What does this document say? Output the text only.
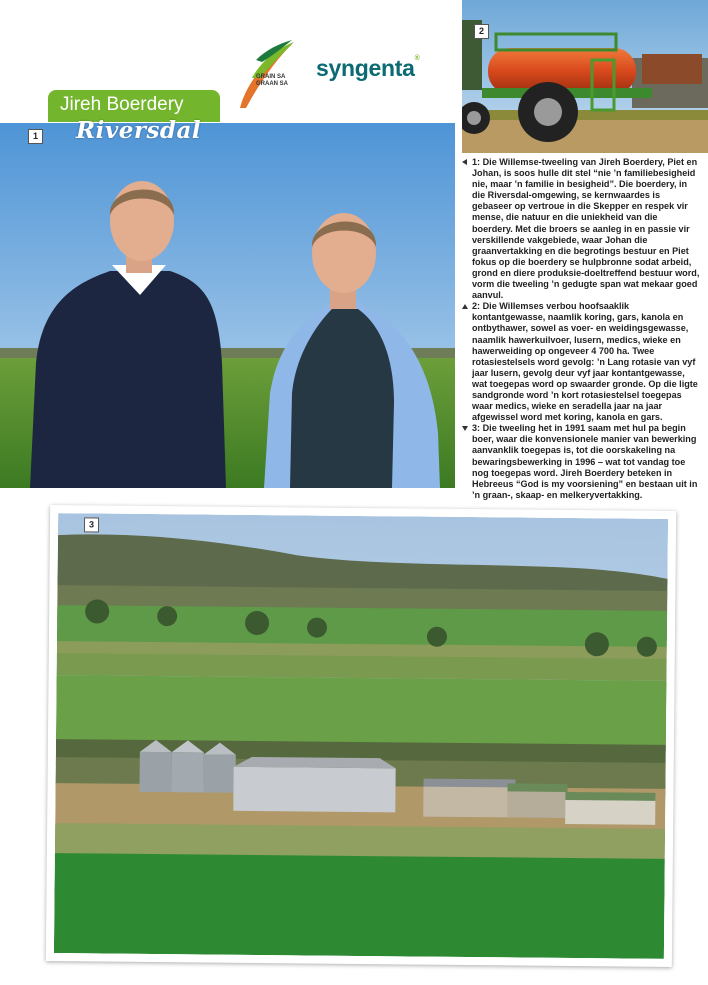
GRAIN SA
GRAAN SA
syngenta®
2
1
Jireh Boerdery
Riversdal
1: Die Willemse-tweeling van Jireh Boerdery, Piet en Johan, is soos hulle dit stel “nie ’n familiebesigheid nie, maar ’n familie in besigheid”. Die boerdery, in die Riversdal-omgewing, se kernwaardes is gebaseer op vertroue in die Skepper en respek vir mense, die natuur en die uniekheid van die boerdery. Met die broers se aanleg in en passie vir verskillende vakgebiede, waar Johan die graanvertakking en die begrotings bestuur en Piet fokus op die boerdery se hulpbronne sodat arbeid, grond en diere produksie-doeltreffend bestuur word, vorm die tweeling ’n gedugte span wat mekaar goed aanvul.
2: Die Willemses verbou hoofsaaklik kontantgewasse, naamlik koring, gars, kanola en ontbythawer, sowel as voer- en weidingsgewasse, naamlik hawerkuilvoer, lusern, medics, wieke en hawerweiding op ongeveer 4 700 ha. Twee rotasiestelsels word gevolg: ’n Lang rotasie van vyf jaar lusern, gevolg deur vyf jaar kontantgewasse, wat toegepas word op swaarder gronde. Op die ligte sandgronde word ’n kort rotasiestelsel toegepas waar medics, wieke en seradella jaar na jaar afgewissel word met koring, kanola en gars.
3: Die tweeling het in 1991 saam met hul pa begin boer, waar die konvensionele manier van bewerking aanvanklik toegepas is, tot die oorskakeling na bewaringsbewerking in 1996 – wat tot vandag toe nog toegepas word. Jireh Boerdery beteken in Hebreeus “God is my voorsiening” en bestaan uit in ’n graan-, skaap- en melkeryvertakking.
3
